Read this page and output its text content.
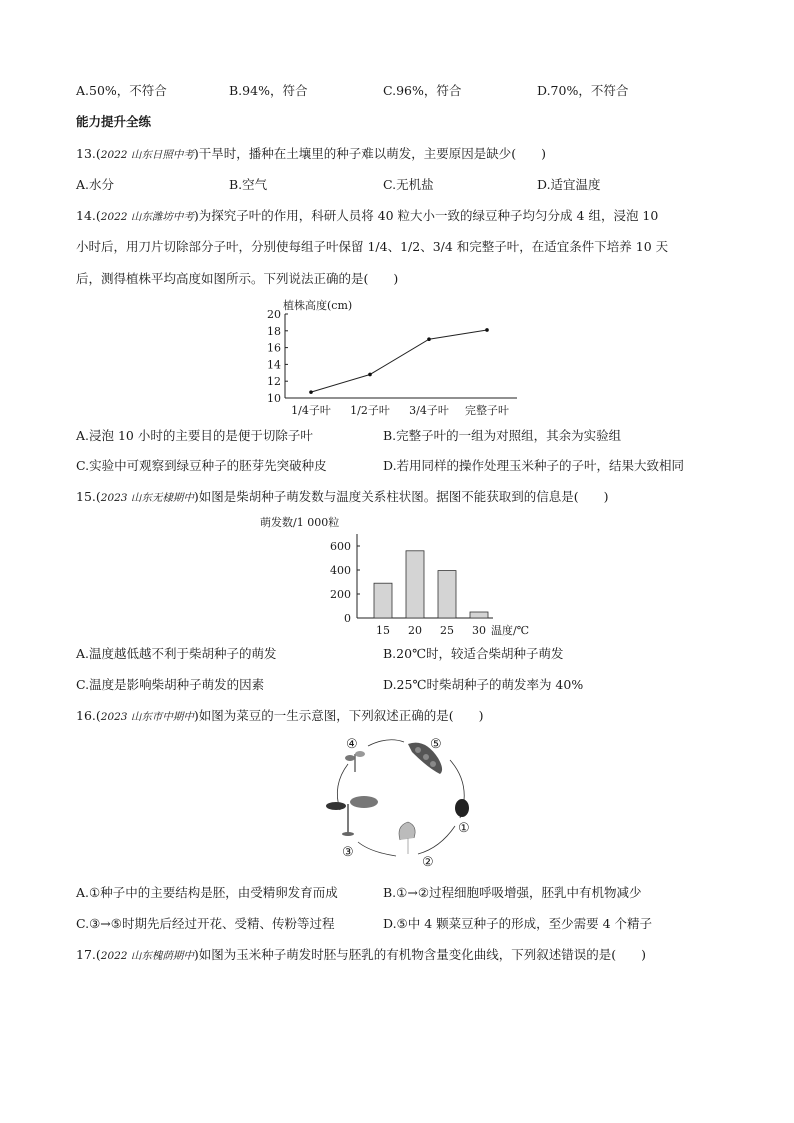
A.50%，不符合	B.94%，符合	C.96%，符合	D.70%，不符合
能力提升全练
13.(2022 山东日照中考)干旱时，播种在土壤里的种子难以萌发，主要原因是缺少(　　)
A.水分	B.空气	C.无机盐	D.适宜温度
14.(2022 山东潍坊中考)为探究子叶的作用，科研人员将 40 粒大小一致的绿豆种子均匀分成 4 组，浸泡 10
小时后，用刀片切除部分子叶，分别使每组子叶保留 1/4、1/2、3/4 和完整子叶，在适宜条件下培养 10 天
后，测得植株平均高度如图所示。下列说法正确的是(　　)
植株高度(cm)
10
12
14
16
18
20
1/4子叶 1/2子叶 3/4子叶 完整子叶
A.浸泡 10 小时的主要目的是便于切除子叶	B.完整子叶的一组为对照组，其余为实验组
C.实验中可观察到绿豆种子的胚芽先突破种皮	D.若用同样的操作处理玉米种子的子叶，结果大致相同
15.(2023 山东无棣期中)如图是柴胡种子萌发数与温度关系柱状图。据图不能获取到的信息是(　　)
萌发数/1 000粒
0
200
400
600
15 20 25 30 温度/℃
A.温度越低越不利于柴胡种子的萌发	B.20℃时，较适合柴胡种子萌发
C.温度是影响柴胡种子萌发的因素	D.25℃时柴胡种子的萌发率为 40%
16.(2023 山东市中期中)如图为菜豆的一生示意图，下列叙述正确的是(　　)
①
②
③
④	⑤
A.①种子中的主要结构是胚，由受精卵发育而成	B.①→②过程细胞呼吸增强，胚乳中有机物减少
C.③→⑤时期先后经过开花、受精、传粉等过程	D.⑤中 4 颗菜豆种子的形成，至少需要 4 个精子
17.(2022 山东槐荫期中)如图为玉米种子萌发时胚与胚乳的有机物含量变化曲线，下列叙述错误的是(　　)
